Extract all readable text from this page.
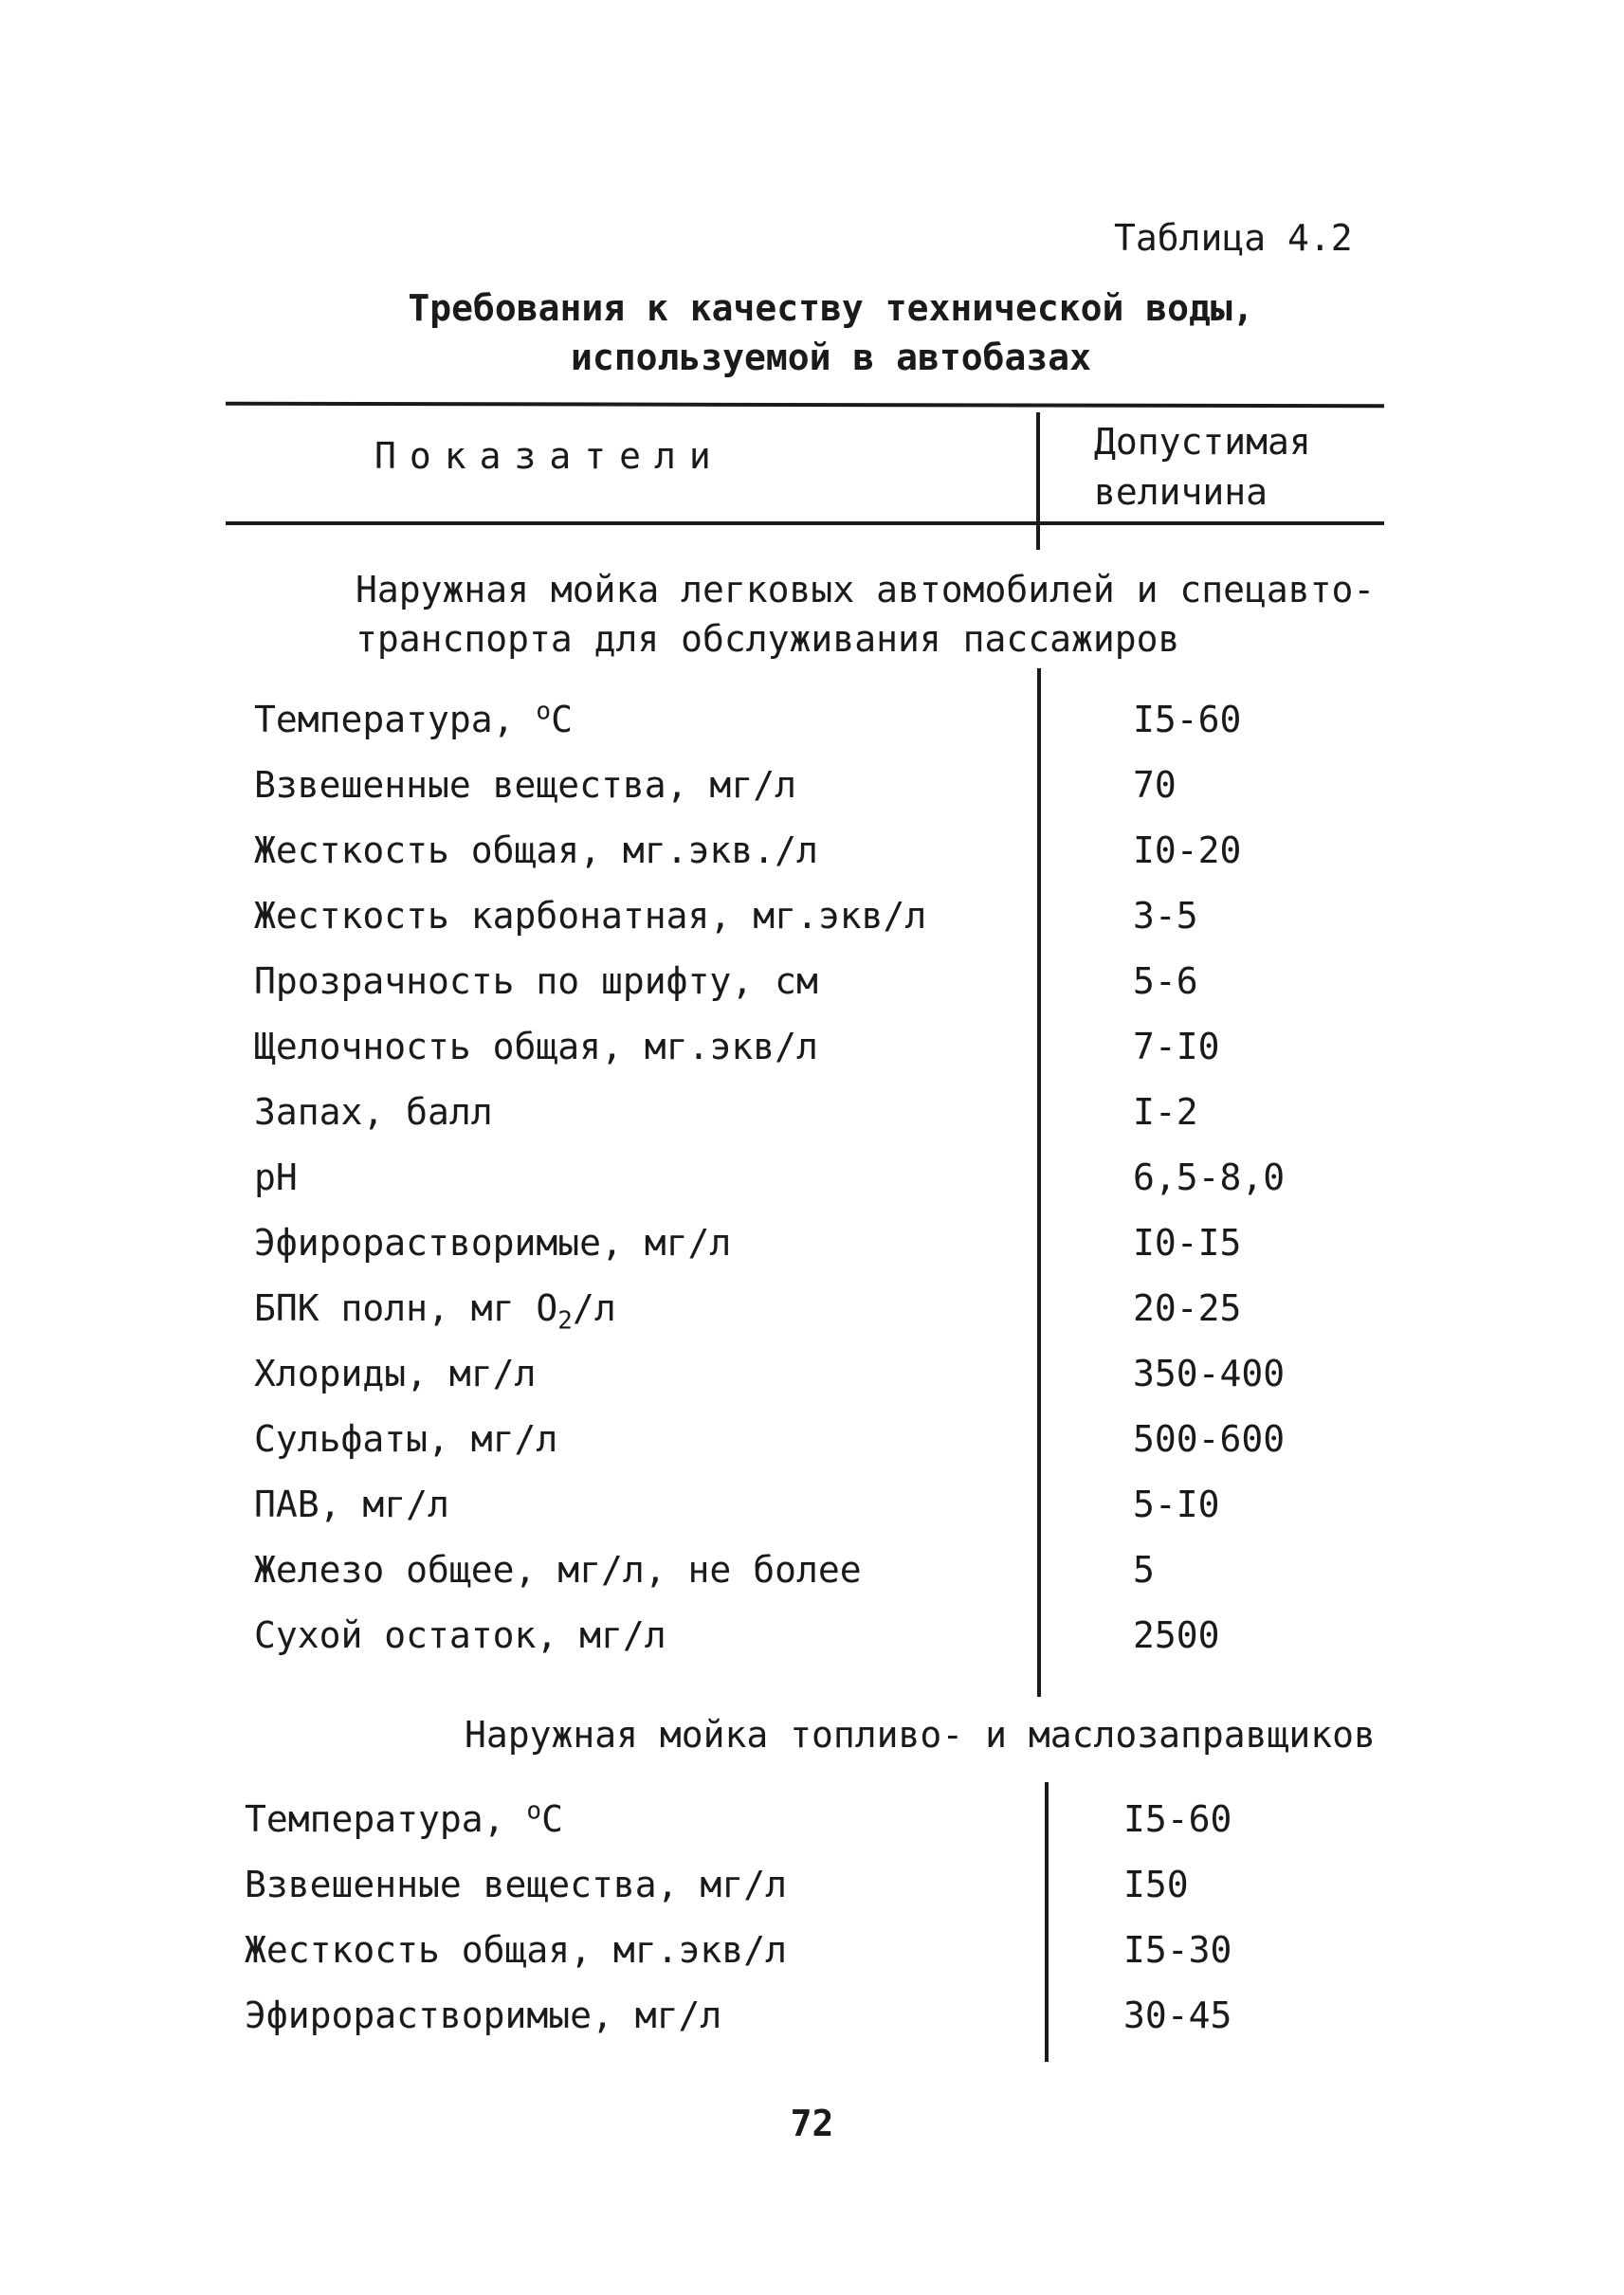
Таблица 4.2
Требования к качеству технической воды,
используемой в автобазах
Показатели	Допустимая
величина
Наружная мойка легковых автомобилей и спецавто-
транспорта для обслуживания пассажиров
Температура, $^o$С	I5-60
Взвешенные вещества, мг/л	70
Жесткость общая, мг.экв./л	I0-20
Жесткость карбонатная, мг.экв/л	3-5
Прозрачность по шрифту, см	5-6
Щелочность общая, мг.экв/л	7-I0
Запах, балл	I-2
рН	6,5-8,0
Эфирорастворимые, мг/л	I0-I5
БПК полн, мг $O_2/л$	20-25
Хлориды, мг/л	350-400
Сульфаты, мг/л	500-600
ПАВ, мг/л	5-I0
Железо общее, мг/л, не более	5
Сухой остаток, мг/л	2500
Наружная мойка топливо- и маслозаправщиков
Температура, $^o$С	I5-60
Взвешенные вещества, мг/л	I50
Жесткость общая, мг.экв/л	I5-30
Эфирорастворимые, мг/л	30-45
72
